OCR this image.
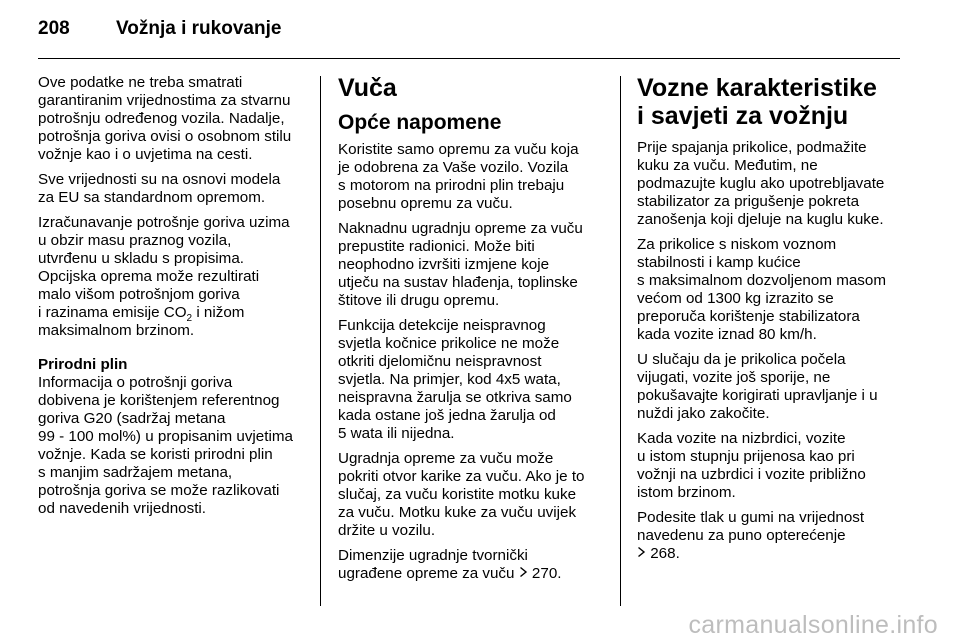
208 Vožnja i rukovanje

Ove podatke ne treba smatrati
garantiranim vrijednostima za stvarnu
potrošnju određenog vozila. Nadalje,
potrošnja goriva ovisi o osobnom stilu
vožnje kao i o uvjetima na cesti.

Sve vrijednosti su na osnovi modela
za EU sa standardnom opremom.

Izračunavanje potrošnje goriva uzima
u obzir masu praznog vozila,
utvrđenu u skladu s propisima.
Opcijska oprema može rezultirati
malo višom potrošnjom goriva
i razinama emisije $CO_2$ i nižom
maksimalnom brzinom.

Prirodni plin

Informacija o potrošnji goriva
dobivena je korištenjem referentnog
goriva G20 (sadržaj metana
99 - 100 mol%) u propisanim uvjetima
vožnje. Kada se koristi prirodni plin
s manjim sadržajem metana,
potrošnja goriva se može razlikovati
od navedenih vrijednosti.

Vuča
Opće napomene

Koristite samo opremu za vuču koja
je odobrena za Vaše vozilo. Vozila
s motorom na prirodni plin trebaju
posebnu opremu za vuču.

Naknadnu ugradnju opreme za vuču
prepustite radionici. Može biti
neophodno izvršiti izmjene koje
utječu na sustav hlađenja, toplinske
štitove ili drugu opremu.

Funkcija detekcije neispravnog
svjetla kočnice prikolice ne može
otkriti djelomičnu neispravnost
svjetla. Na primjer, kod 4x5 wata,
neispravna žarulja se otkriva samo
kada ostane još jedna žarulja od
5 wata ili nijedna.

Ugradnja opreme za vuču može
pokriti otvor karike za vuču. Ako je to
slučaj, za vuču koristite motku kuke
za vuču. Motku kuke za vuču uvijek
držite u vozilu.

Dimenzije ugradnje tvornički
ugrađene opreme za vuču  270.

Vozne karakteristike
i savjeti za vožnju

Prije spajanja prikolice, podmažite
kuku za vuču. Međutim, ne
podmazujte kuglu ako upotrebljavate
stabilizator za prigušenje pokreta
zanošenja koji djeluje na kuglu kuke.

Za prikolice s niskom voznom
stabilnosti i kamp kućice
s maksimalnom dozvoljenom masom
većom od 1300 kg izrazito se
preporuča korištenje stabilizatora
kada vozite iznad 80 km/h.

U slučaju da je prikolica počela
vijugati, vozite još sporije, ne
pokušavajte korigirati upravljanje i u
nuždi jako zakočite.

Kada vozite na nizbrdici, vozite
u istom stupnju prijenosa kao pri
vožnji na uzbrdici i vozite približno
istom brzinom.

Podesite tlak u gumi na vrijednost
navedenu za puno opterećenje
268.

carmanualsonline.info
